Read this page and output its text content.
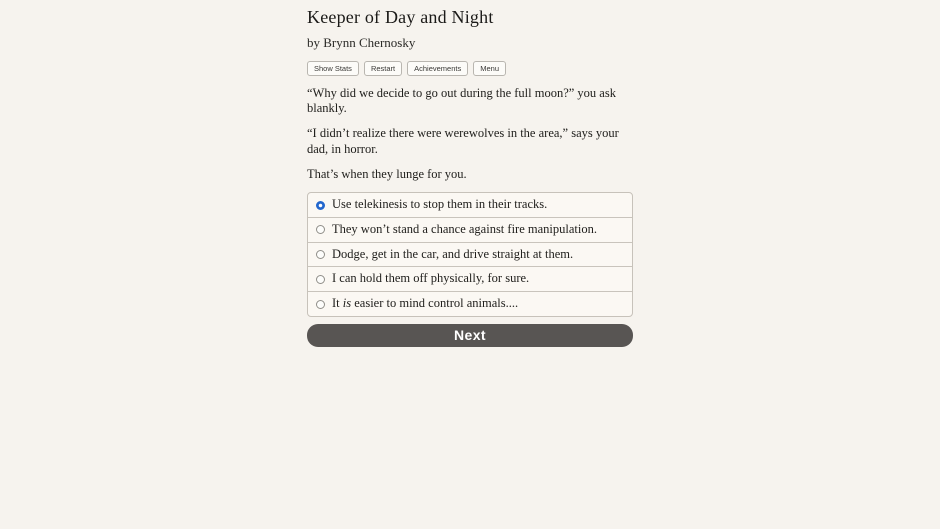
Keeper of Day and Night
by Brynn Chernosky
Show Stats	Restart	Achievements	Menu

“Why did we decide to go out during the full moon?” you ask blankly.

“I didn’t realize there were werewolves in the area,” says your dad, in horror.

That’s when they lunge for you.

Use telekinesis to stop them in their tracks.
They won’t stand a chance against fire manipulation.
Dodge, get in the car, and drive straight at them.
I can hold them off physically, for sure.
It is easier to mind control animals....
Next
